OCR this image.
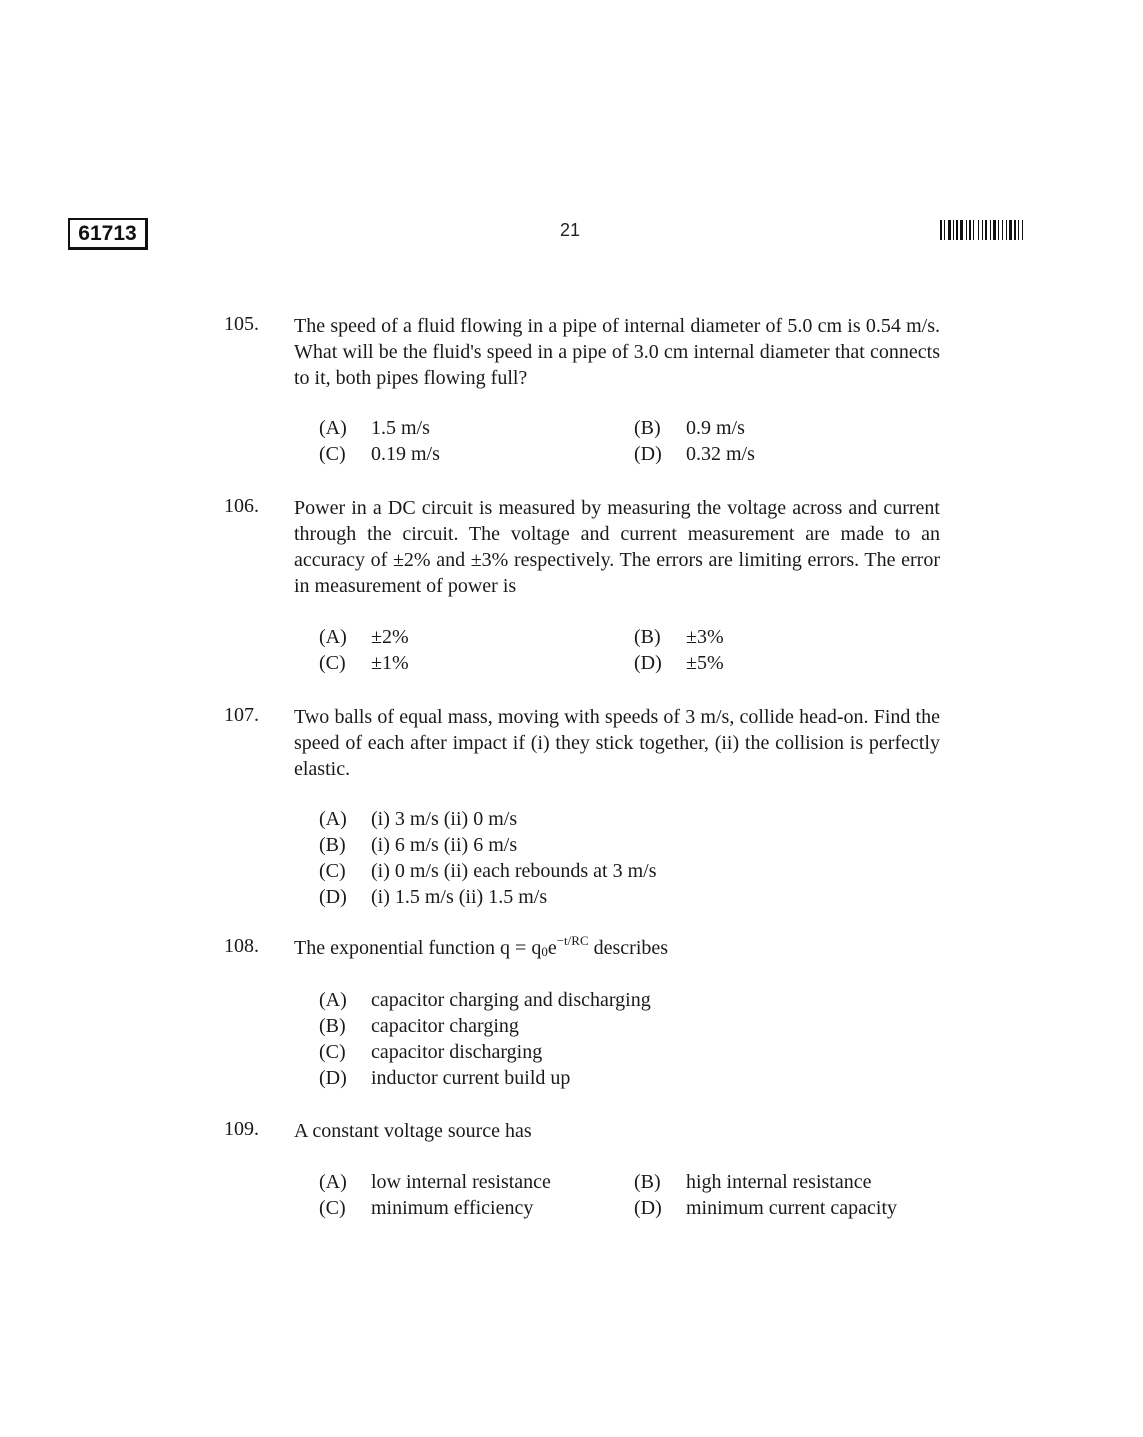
61713	21
105. The speed of a fluid flowing in a pipe of internal diameter of 5.0 cm is 0.54 m/s. What will be the fluid's speed in a pipe of 3.0 cm internal diameter that connects to it, both pipes flowing full?
(A) 1.5 m/s	(B) 0.9 m/s
(C) 0.19 m/s	(D) 0.32 m/s
106. Power in a DC circuit is measured by measuring the voltage across and current through the circuit. The voltage and current measurement are made to an accuracy of ±2% and ±3% respectively. The errors are limiting errors. The error in measurement of power is
(A) ±2%	(B) ±3%
(C) ±1%	(D) ±5%
107. Two balls of equal mass, moving with speeds of 3 m/s, collide head-on. Find the speed of each after impact if (i) they stick together, (ii) the collision is perfectly elastic.
(A) (i) 3 m/s (ii) 0 m/s
(B) (i) 6 m/s (ii) 6 m/s
(C) (i) 0 m/s (ii) each rebounds at 3 m/s
(D) (i) 1.5 m/s (ii) 1.5 m/s
108. The exponential function $q = q_0e^{-t/RC}$ describes
(A) capacitor charging and discharging
(B) capacitor charging
(C) capacitor discharging
(D) inductor current build up
109. A constant voltage source has
(A) low internal resistance	(B) high internal resistance
(C) minimum efficiency	(D) minimum current capacity
